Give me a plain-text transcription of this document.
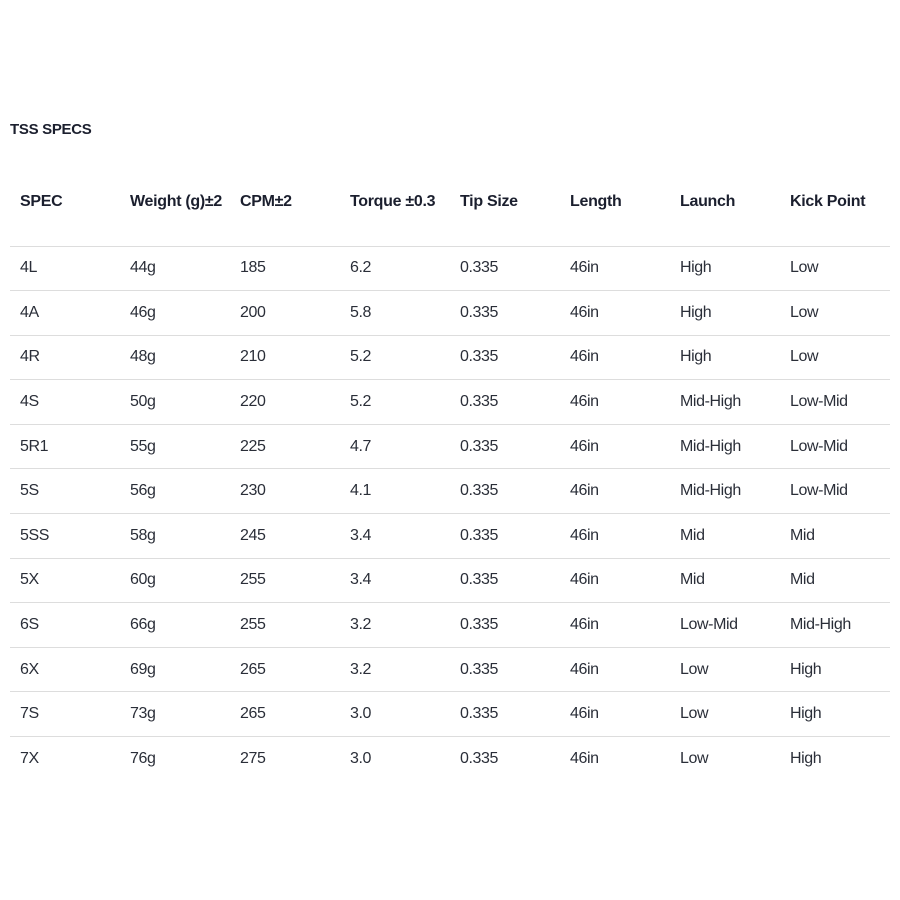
TSS SPECS
SPEC	Weight (g)±2	CPM±2	Torque ±0.3	Tip Size	Length	Launch	Kick Point
4L	44g	185	6.2	0.335	46in	High	Low
4A	46g	200	5.8	0.335	46in	High	Low
4R	48g	210	5.2	0.335	46in	High	Low
4S	50g	220	5.2	0.335	46in	Mid-High	Low-Mid
5R1	55g	225	4.7	0.335	46in	Mid-High	Low-Mid
5S	56g	230	4.1	0.335	46in	Mid-High	Low-Mid
5SS	58g	245	3.4	0.335	46in	Mid	Mid
5X	60g	255	3.4	0.335	46in	Mid	Mid
6S	66g	255	3.2	0.335	46in	Low-Mid	Mid-High
6X	69g	265	3.2	0.335	46in	Low	High
7S	73g	265	3.0	0.335	46in	Low	High
7X	76g	275	3.0	0.335	46in	Low	High
